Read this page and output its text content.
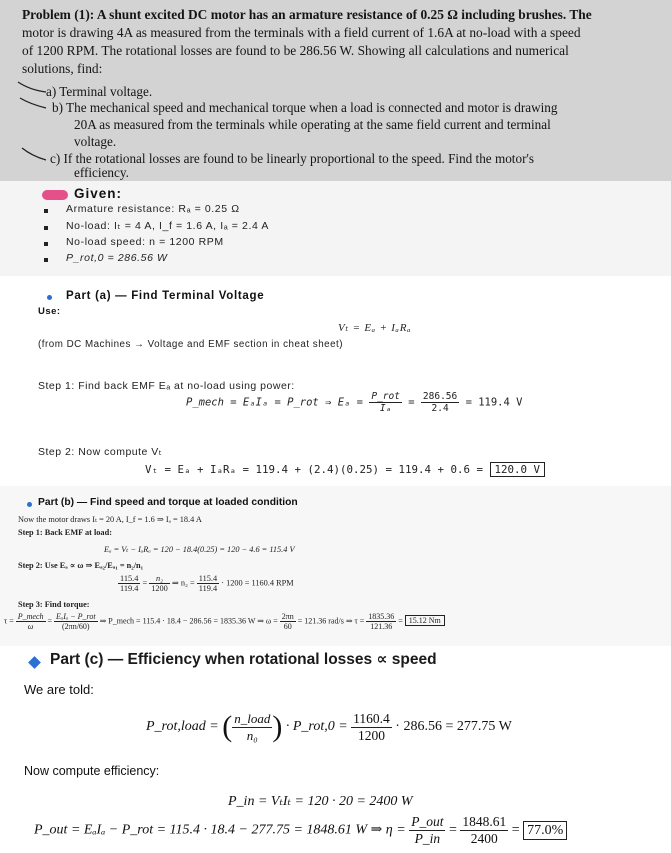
Problem (1): A shunt excited DC motor has an armature resistance of 0.25 Ω including brushes. The
motor is drawing 4A as measured from the terminals with a field current of 1.6A at no-load with a speed
of 1200 RPM. The rotational losses are found to be 286.56 W. Showing all calculations and numerical
solutions, find:
a) Terminal voltage.
b) The mechanical speed and mechanical torque when a load is connected and motor is drawing
20A as measured from the terminals while operating at the same field current and terminal
voltage.
c) If the rotational losses are found to be linearly proportional to the speed. Find the motor's
efficiency.
Given:
Armature resistance: Rₐ = 0.25 Ω
No-load: Iₜ = 4 A, I_f = 1.6 A, Iₐ = 2.4 A
No-load speed: n = 1200 RPM
P_rot,0 = 286.56 W
Part (a) — Find Terminal Voltage
Use:
Vₜ = Eₐ + IₐRₐ
(from DC Machines → Voltage and EMF section in cheat sheet)
Step 1: Find back EMF Eₐ at no-load using power:
P_mech = EₐIₐ = P_rot ⇒ $E_a = \frac{\text{P\_rot}}{\text{Iₐ}} = \frac{286.56}{2.4} = 119.4$ V
Step 2: Now compute Vₜ
Vₜ = Eₐ + IₐRₐ = 119.4 + (2.4)(0.25) = 119.4 + 0.6 = 120.0 V
Part (b) — Find speed and torque at loaded condition
Now the motor draws Iₜ = 20 A, I_f = 1.6 ⇒ Iₐ = 18.4 A
Step 1: Back EMF at load:
Eₐ = Vₜ − IₐRₐ = 120 − 18.4(0.25) = 120 − 4.6 = 115.4 V
Step 2: Use Eₐ ∝ ω ⇒ Eₐ₂/Eₐ₁ = n₂/n₁
$\frac{115.4}{119.4} = \frac{\text{n₂}}{1200}$ ⇒ $n_2 = \frac{115.4}{119.4} \cdot 1200 = 1160.4$ RPM
Step 3: Find torque:
$\tau = \frac{\text{P\_mech}}{\omega} = \frac{\text{EₐIₐ − P\_rot}}{(2\pi n/60)}$ ⇒ P_mech = 115.4 · 18.4 − 286.56 = 1835.36 W ⇒ $\omega = \frac{2\pi n}{60} = 121.36$ rad/s ⇒ $\tau = \frac{1835.36}{121.36} = 15.12$ Nm
Part (c) — Efficiency when rotational losses ∝ speed
We are told:
P_rot,load = ( $\frac{\text{n\_load}}{\text{n₀}}$ ) · P_rot,0 = $\frac{1160.4}{1200} \cdot 286.56 = 277.75$ W
Now compute efficiency:
P_in = VₜIₜ = 120 · 20 = 2400 W
P_out = EₐIₐ − P_rot = 115.4 · 18.4 − 277.75 = 1848.61 W ⇒ $\eta = \frac{\text{P\_out}}{P\_in} = \frac{1848.61}{2400} = 77.0\%$
